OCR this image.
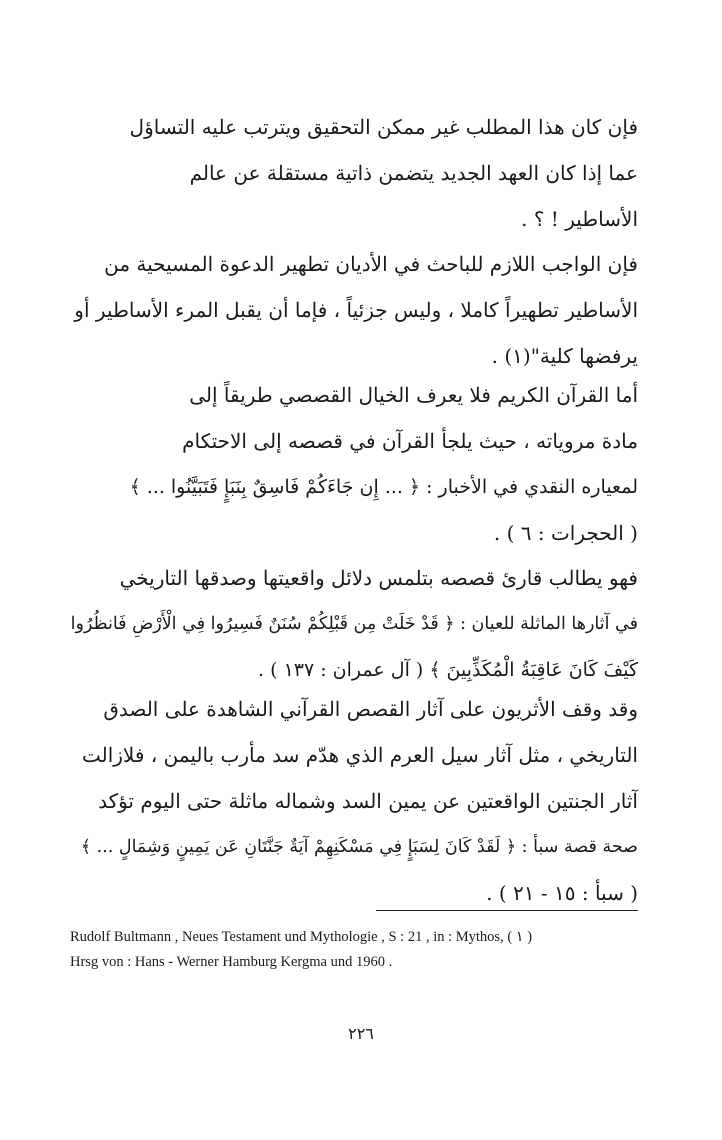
فإن كان هذا المطلب غير ممكن التحقيق ويترتب عليه التساؤل
عما إذا كان العهد الجديد يتضمن ذاتية مستقلة عن عالم
الأساطير ! ؟ .

فإن الواجب اللازم للباحث في الأديان تطهير الدعوة المسيحية من
الأساطير تطهيراً كاملا ، وليس جزئياً ، فإما أن يقبل المرء الأساطير أو
يرفضها كلية"(١) .

أما القرآن الكريم فلا يعرف الخيال القصصي طريقاً إلى
مادة مروياته ، حيث يلجأ القرآن في قصصه إلى الاحتكام
لمعياره النقدي في الأخبار : ﴿ ... إِن جَاءَكُمْ فَاسِقٌ بِنَبَإٍ فَتَبَيَّنُوا ... ﴾
( الحجرات : ٦ ) .

فهو يطالب قارئ قصصه بتلمس دلائل واقعيتها وصدقها التاريخي
في آثارها الماثلة للعيان : ﴿ قَدْ خَلَتْ مِن قَبْلِكُمْ سُنَنٌ فَسِيرُوا فِي الْأَرْضِ فَانظُرُوا
كَيْفَ كَانَ عَاقِبَةُ الْمُكَذِّبِينَ ﴾ ( آل عمران : ١٣٧ ) .

وقد وقف الأثريون على آثار القصص القرآني الشاهدة على الصدق
التاريخي ، مثل آثار سيل العرم الذي هدّم سد مأرب باليمن ، فلازالت
آثار الجنتين الواقعتين عن يمين السد وشماله ماثلة حتى اليوم تؤكد
صحة قصة سبأ : ﴿ لَقَدْ كَانَ لِسَبَإٍ فِي مَسْكَنِهِمْ آيَةٌ جَنَّتَانِ عَن يَمِينٍ وَشِمَالٍ ... ﴾
( سبأ : ١٥ - ٢١ ) .

Rudolf Bultmann , Neues Testament und Mythologie , S : 21 , in : Mythos, ( ١ )
Hrsg von : Hans - Werner Hamburg Kergma und 1960 .
٢٢٦
